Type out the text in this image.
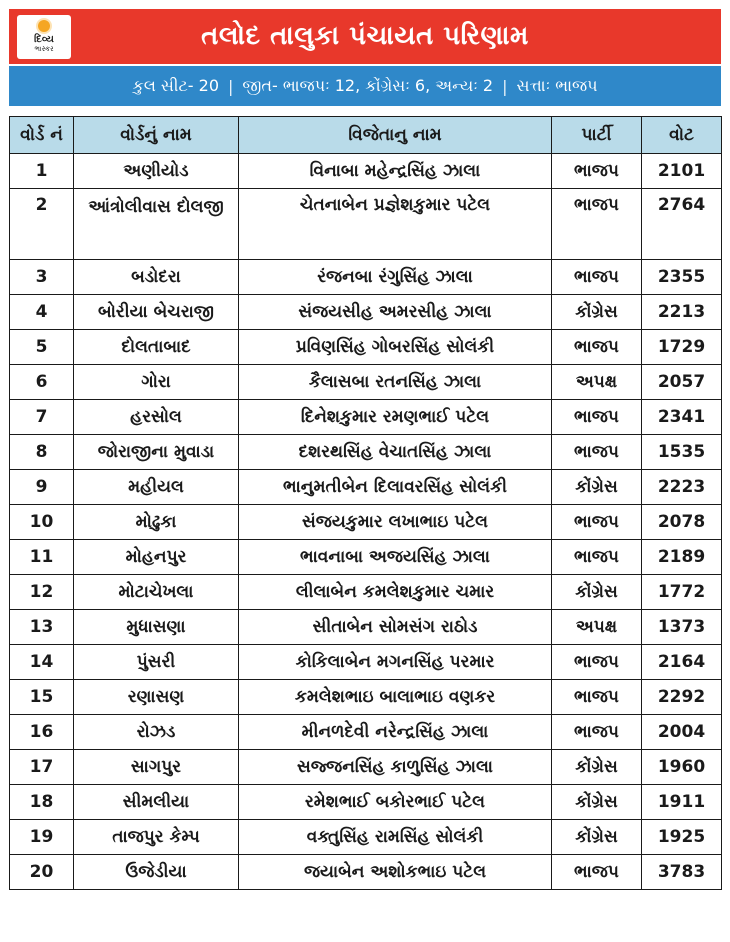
દિવ્ય
ભાસ્કર	તલોદ તાલુકા પંચાયત પરિણામ
કુલ સીટ- 20 | જીત- ભાજપઃ 12, કોંગ્રેસઃ 6, અન્યઃ 2 | સત્તાઃ ભાજપ
વોર્ડ નં	વોર્ડનું નામ	વિજેતાનુ નામ	પાર્ટી	વોટ
1	અણીયોડ	વિનાબા મહેન્દ્રસિંહ ઝાલા	ભાજપ	2101
2	આંત્રોલીવાસ દોલજી	ચેતનાબેન પ્રજ્ઞેશકુમાર પટેલ	ભાજપ	2764
3	બડોદરા	રંજનબા રંગુસિંહ ઝાલા	ભાજપ	2355
4	બોરીયા બેચરાજી	સંજયસીહ અમરસીહ ઝાલા	કોંગ્રેસ	2213
5	દોલતાબાદ	પ્રવિણસિંહ ગોબરસિંહ સોલંકી	ભાજપ	1729
6	ગોરા	કૈલાસબા રતનસિંહ ઝાલા	અપક્ષ	2057
7	હરસોલ	દિનેશકુમાર રમણભાઈ પટેલ	ભાજપ	2341
8	જોરાજીના મુવાડા	દશરથસિંહ વેચાતસિંહ ઝાલા	ભાજપ	1535
9	મહીયલ	ભાનુમતીબેન દિલાવરસિંહ સોલંકી	કોંગ્રેસ	2223
10	મોઢુકા	સંજયકુમાર લખાભાઇ પટેલ	ભાજપ	2078
11	મોહનપુર	ભાવનાબા અજયસિંહ ઝાલા	ભાજપ	2189
12	મોટાચેખલા	લીલાબેન કમલેશકુમાર ચમાર	કોંગ્રેસ	1772
13	મુધાસણા	સીતાબેન સોમસંગ રાઠોડ	અપક્ષ	1373
14	પુંસરી	કોકિલાબેન મગનસિંહ પરમાર	ભાજપ	2164
15	રણાસણ	કમલેશભાઇ બાલાભાઇ વણકર	ભાજપ	2292
16	રોઝડ	મીનળદેવી નરેન્દ્રસિંહ ઝાલા	ભાજપ	2004
17	સાગપુર	સજ્જનસિંહ કાળુસિંહ ઝાલા	કોંગ્રેસ	1960
18	સીમલીયા	રમેશભાઈ બકોરભાઈ પટેલ	કોંગ્રેસ	1911
19	તાજપુર કેમ્પ	વક્તુસિંહ રામસિંહ સોલંકી	કોંગ્રેસ	1925
20	ઉજેડીયા	જયાબેન અશોકભાઇ પટેલ	ભાજપ	3783
